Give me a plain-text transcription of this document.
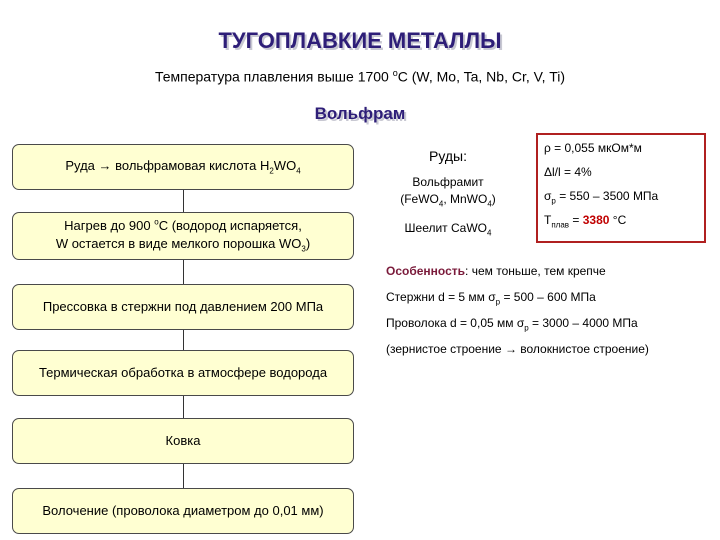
ТУГОПЛАВКИЕ МЕТАЛЛЫ
Температура плавления выше 1700 $^o$С (W, Mo, Ta, Nb, Cr, V, Ti)
Вольфрам
Руда → вольфрамовая кислота $H_2WO_4$
Нагрев до 900 $^o$С (водород испаряется,
W остается в виде мелкого порошка $WO_3$)
Прессовка в стержни под давлением 200 МПа
Термическая обработка в атмосфере водорода
Ковка
Волочение (проволока диаметром до 0,01 мм)
Руды:
Вольфрамит
(FeWO$_4$, MnWO$_4$)
Шеелит CaWO$_4$
ρ = 0,055 мкОм*м
Δl/l = 4%
$\sigma_р = 550 - 3500$ МПа
$Т_{плав} = 3380$ °С
Особенность: чем тоньше, тем крепче
Стержни d = 5 мм $\sigma_р = 500 - 600$ МПа
Проволока d = 0,05 мм $\sigma_р = 3000 - 4000$ МПа
(зернистое строение → волокнистое строение)
